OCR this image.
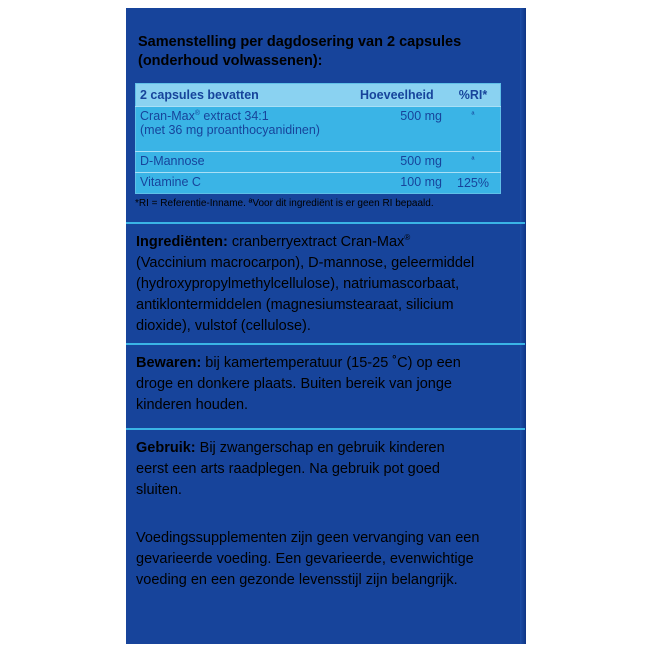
Samenstelling per dagdosering van 2 capsules
(onderhoud volwassenen):
2 capsules bevatten	Hoeveelheid	%RI*
Cran-Max® extract 34:1
(met 36 mg proanthocyanidinen)	500 mg	ª
D-Mannose	500 mg	ª
Vitamine C	100 mg	125%
*RI = Referentie-Inname. ªVoor dit ingrediënt is er geen RI bepaald.

Ingrediënten: cranberryextract Cran-Max®
(Vaccinium macrocarpon), D-mannose, geleermiddel
(hydroxypropylmethylcellulose), natriumascorbaat,
antiklontermiddelen (magnesiumstearaat, silicium
dioxide), vulstof (cellulose).

Bewaren: bij kamertemperatuur (15-25 ˚C) op een
droge en donkere plaats. Buiten bereik van jonge
kinderen houden.

Gebruik: Bij zwangerschap en gebruik kinderen
eerst een arts raadplegen. Na gebruik pot goed
sluiten.

Voedingssupplementen zijn geen vervanging van een
gevarieerde voeding. Een gevarieerde, evenwichtige
voeding en een gezonde levensstijl zijn belangrijk.
